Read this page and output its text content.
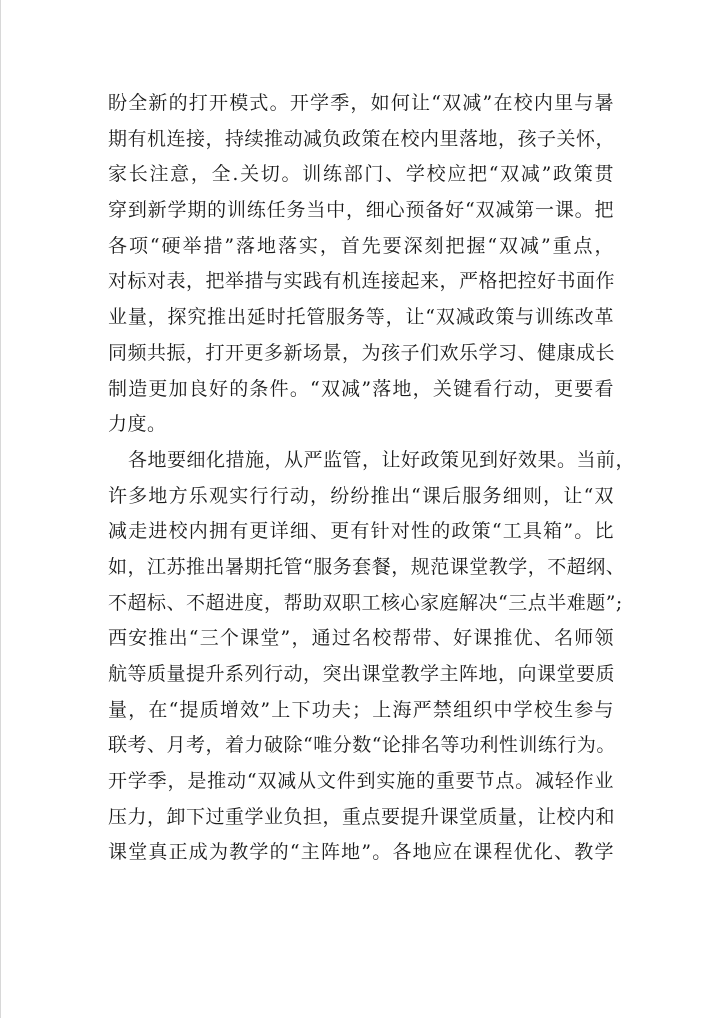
盼全新的打开模式。开学季，如何让“双减”在校内里与暑
期有机连接，持续推动减负政策在校内里落地，孩子关怀，
家长注意，全.关切。训练部门、学校应把“双减”政策贯
穿到新学期的训练任务当中，细心预备好“双减第一课。把
各项“硬举措”落地落实，首先要深刻把握“双减”重点，
对标对表，把举措与实践有机连接起来，严格把控好书面作
业量，探究推出延时托管服务等，让“双减政策与训练改革
同频共振，打开更多新场景，为孩子们欢乐学习、健康成长
制造更加良好的条件。“双减”落地，关键看行动，更要看
力度。
各地要细化措施，从严监管，让好政策见到好效果。当前，
许多地方乐观实行行动，纷纷推出“课后服务细则，让“双
减走进校内拥有更详细、更有针对性的政策“工具箱”。比
如，江苏推出暑期托管“服务套餐，规范课堂教学，不超纲、
不超标、不超进度，帮助双职工核心家庭解决“三点半难题”;
西安推出“三个课堂”，通过名校帮带、好课推优、名师领
航等质量提升系列行动，突出课堂教学主阵地，向课堂要质
量，在“提质增效”上下功夫；上海严禁组织中学校生参与
联考、月考，着力破除“唯分数“论排名等功利性训练行为。
开学季，是推动“双减从文件到实施的重要节点。减轻作业
压力，卸下过重学业负担，重点要提升课堂质量，让校内和
课堂真正成为教学的“主阵地”。各地应在课程优化、教学
